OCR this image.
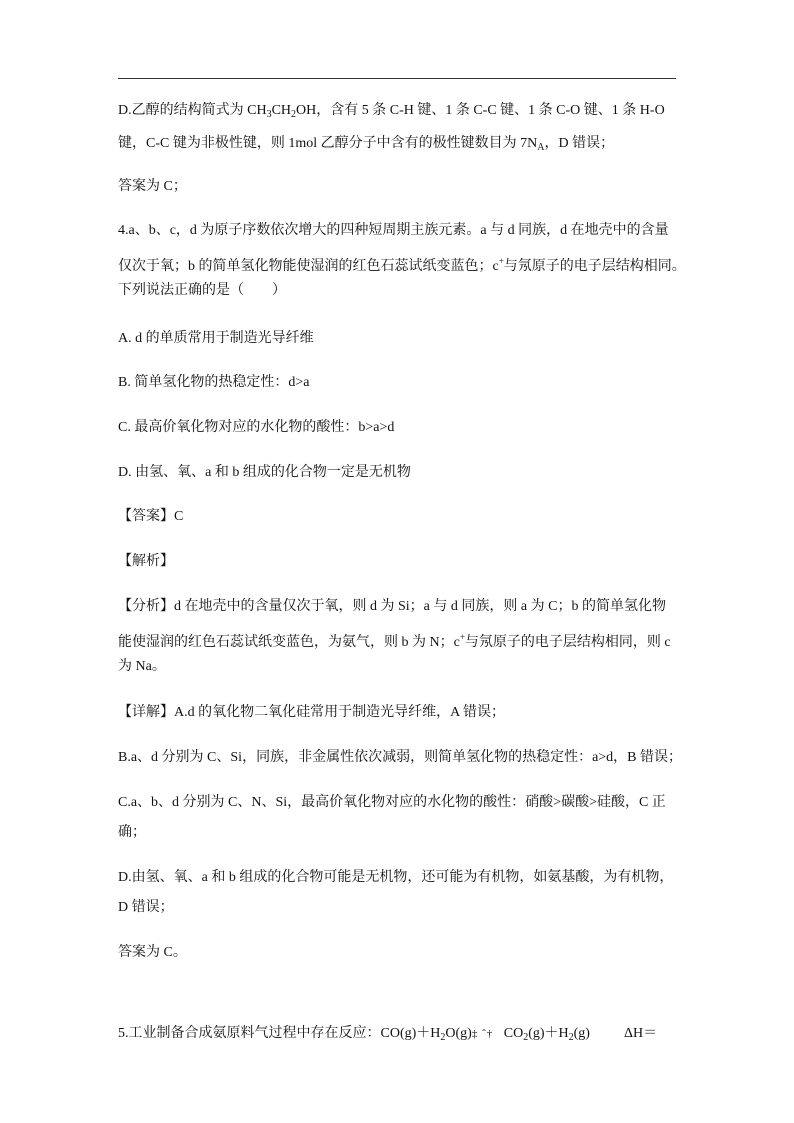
D.乙醇的结构简式为 $CH_3CH_2OH$，含有 5 条 C-H 键、1 条 C-C 键、1 条 C-O 键、1 条 H-O
键，C-C 键为非极性键，则 1mol 乙醇分子中含有的极性键数目为 $7N_A$，D 错误；
答案为 C；
4.a、b、c，d 为原子序数依次增大的四种短周期主族元素。a 与 d 同族，d 在地壳中的含量
仅次于氧；b 的简单氢化物能使湿润的红色石蕊试纸变蓝色；c+与氖原子的电子层结构相同。
下列说法正确的是（　　）
A. d 的单质常用于制造光导纤维
B. 简单氢化物的热稳定性：d>a
C. 最高价氧化物对应的水化物的酸性：b>a>d
D. 由氢、氧、a 和 b 组成的化合物一定是无机物
【答案】C
【解析】
【分析】d 在地壳中的含量仅次于氧，则 d 为 Si；a 与 d 同族，则 a 为 C；b 的简单氢化物
能使湿润的红色石蕊试纸变蓝色，为氨气，则 b 为 N；c+与氖原子的电子层结构相同，则 c
为 Na。
【详解】A.d 的氧化物二氧化硅常用于制造光导纤维，A 错误；
B.a、d 分别为 C、Si，同族，非金属性依次减弱，则简单氢化物的热稳定性：a>d，B 错误；
C.a、b、d 分别为 C、N、Si，最高价氧化物对应的水化物的酸性：硝酸>碳酸>硅酸，C 正
确；
D.由氢、氧、a 和 b 组成的化合物可能是无机物，还可能为有机物，如氨基酸，为有机物，
D 错误；
答案为 C。
5.工业制备合成氨原料气过程中存在反应：$CO(g)+H_2O(g)\ddagger$ ˆ† $CO_2(g)+H_2(g)$ ΔH＝
